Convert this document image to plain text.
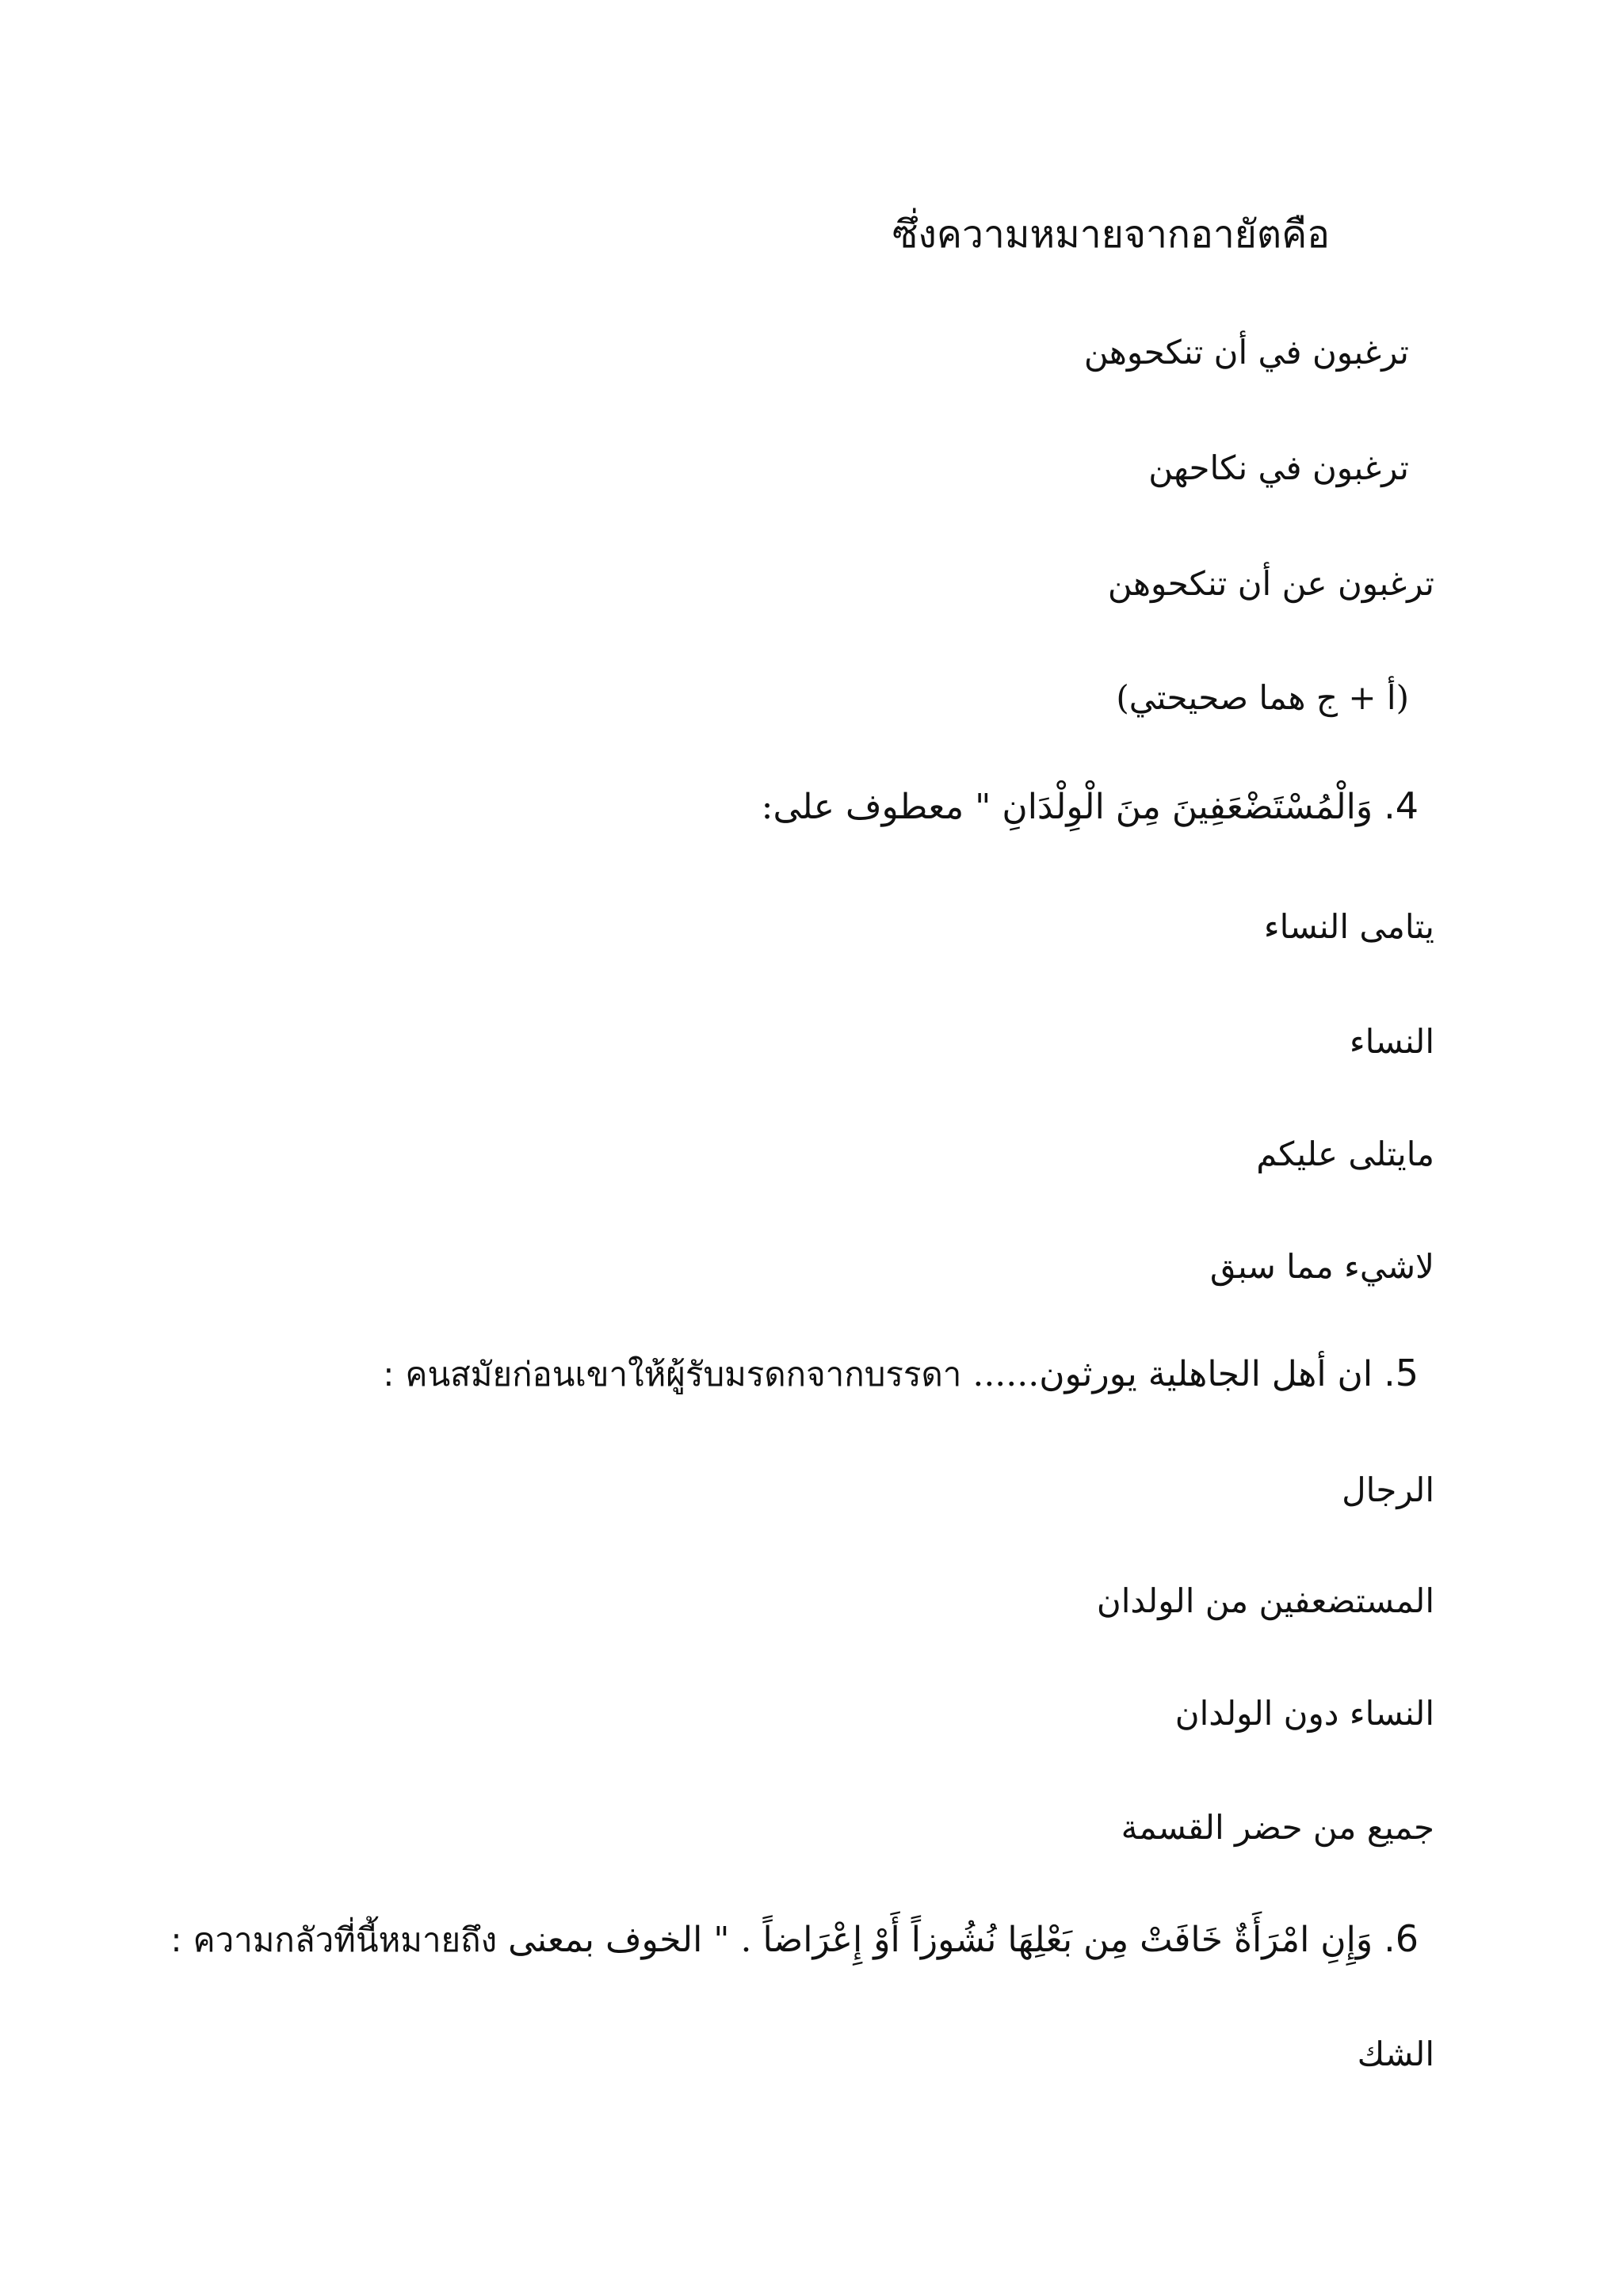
ซึ่งความหมายจากอายัตคือ
ترغبون في أن تنكحوهن
ترغبون في نكاحهن
ترغبون عن أن تنكحوهن
(أ + ج هما صحيحتي)
4. وَالْمُسْتَضْعَفِينَ مِنَ الْوِلْدَانِ " معطوف على:
يتامى النساء
النساء
مايتلى عليكم
لاشيء مما سبق
5. ان أهل الجاهلية يورثون...... คนสมัยก่อนเขาให้ผู้รับมรดกจากบรรดา :
الرجال
المستضعفين من الولدان
النساء دون الولدان
جميع من حضر القسمة
6. وَإِنِ امْرَأَةٌ خَافَتْ مِن بَعْلِهَا نُشُوزاً أَوْ إِعْرَاضاً . " الخوف بمعنى ความกลัวที่นี้หมายถึง :
الشك
